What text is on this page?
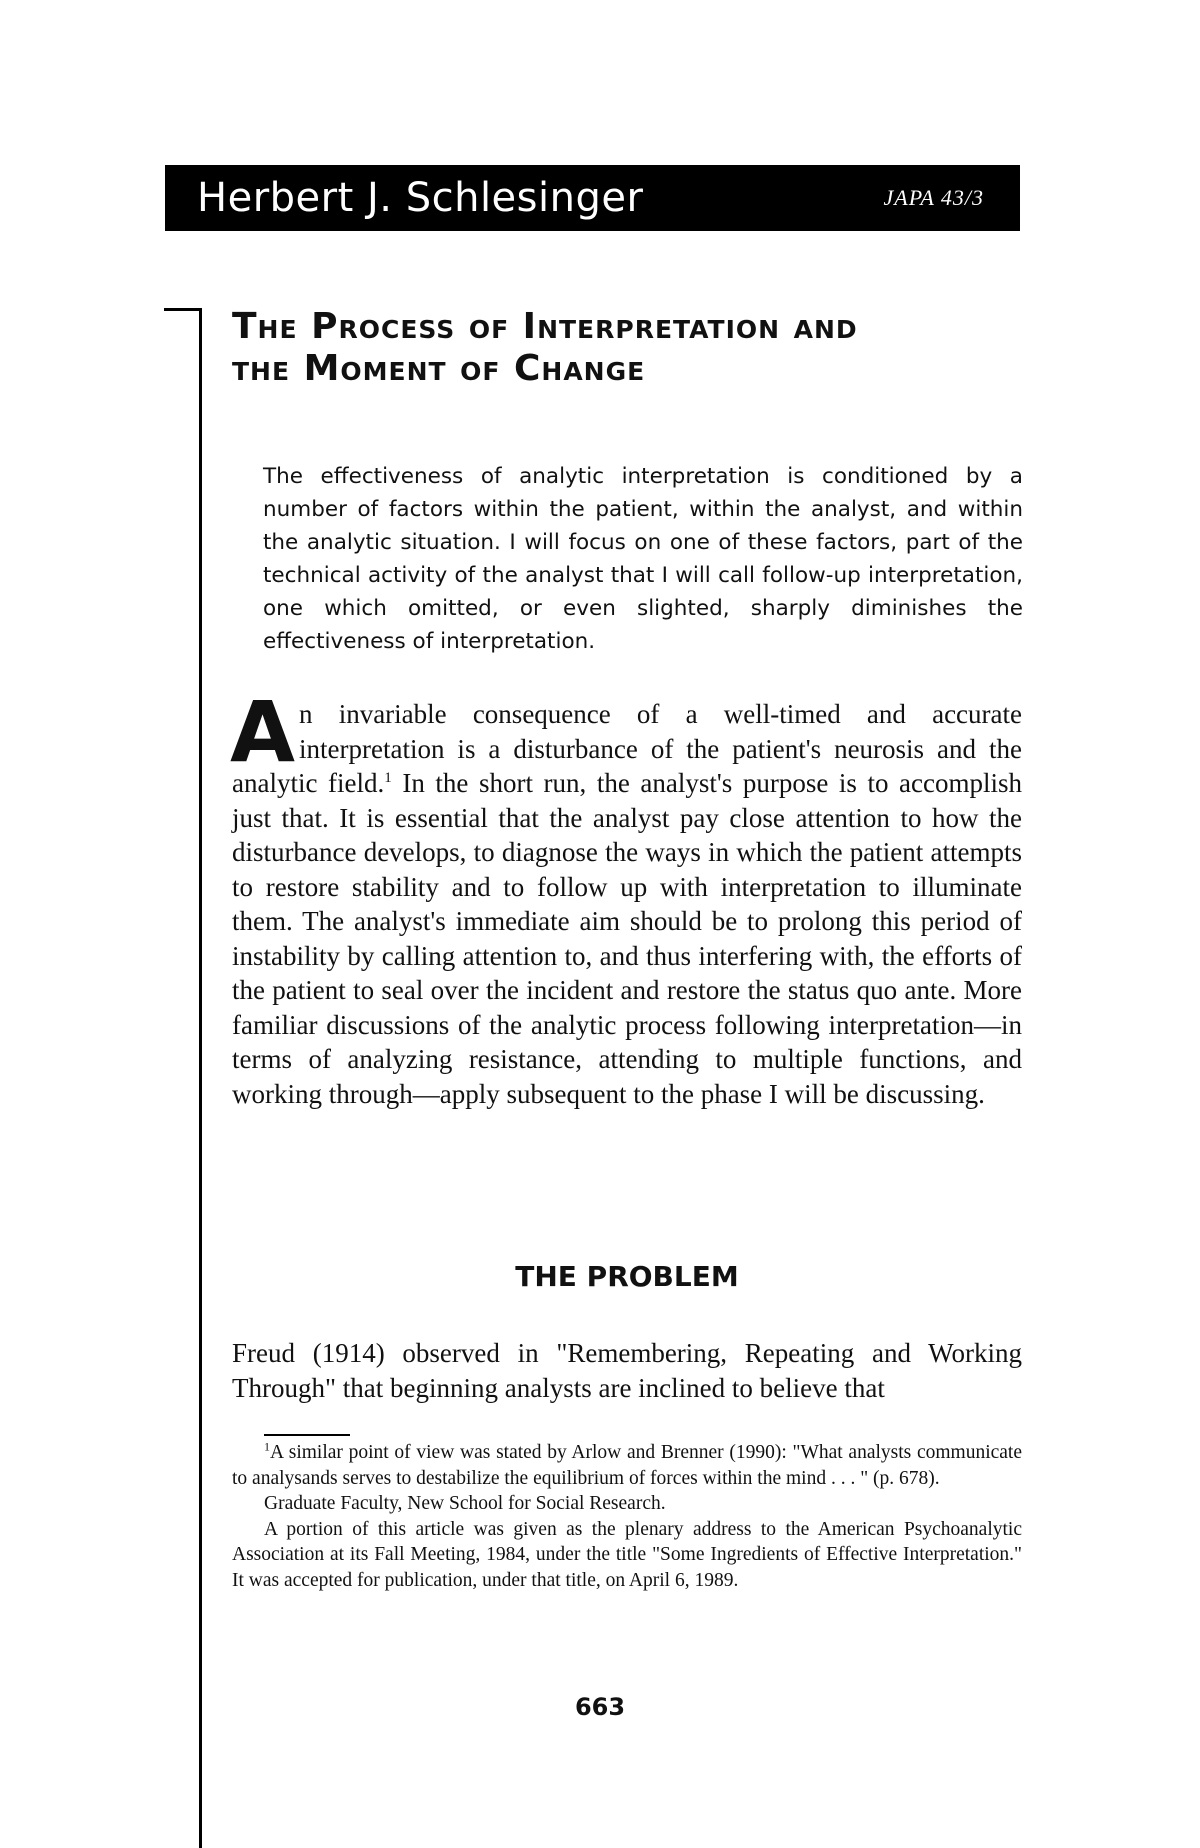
Herbert J. Schlesinger	JAPA 43/3
The Process of Interpretation and
the Moment of Change

The effectiveness of analytic interpretation is conditioned by a number of factors within the patient, within the analyst, and within the analytic situation. I will focus on one of these factors, part of the technical activity of the analyst that I will call follow-up interpretation, one which omitted, or even slighted, sharply diminishes the effectiveness of interpretation.

An invariable consequence of a well-timed and accurate interpretation is a disturbance of the patient's neurosis and the analytic field.$^1$ In the short run, the analyst's purpose is to accomplish just that. It is essential that the analyst pay close attention to how the disturbance develops, to diagnose the ways in which the patient attempts to restore stability and to follow up with interpretation to illuminate them. The analyst's immediate aim should be to prolong this period of instability by calling attention to, and thus interfering with, the efforts of the patient to seal over the incident and restore the status quo ante. More familiar discussions of the analytic process following interpretation—in terms of analyzing resistance, attending to multiple functions, and working through—apply subsequent to the phase I will be discussing.

THE PROBLEM

Freud (1914) observed in "Remembering, Repeating and Working Through" that beginning analysts are inclined to believe that

$^1$A similar point of view was stated by Arlow and Brenner (1990): "What analysts communicate to analysands serves to destabilize the equilibrium of forces within the mind . . . " (p. 678).

Graduate Faculty, New School for Social Research.

A portion of this article was given as the plenary address to the American Psychoanalytic Association at its Fall Meeting, 1984, under the title "Some Ingredients of Effective Interpretation." It was accepted for publication, under that title, on April 6, 1989.

663
